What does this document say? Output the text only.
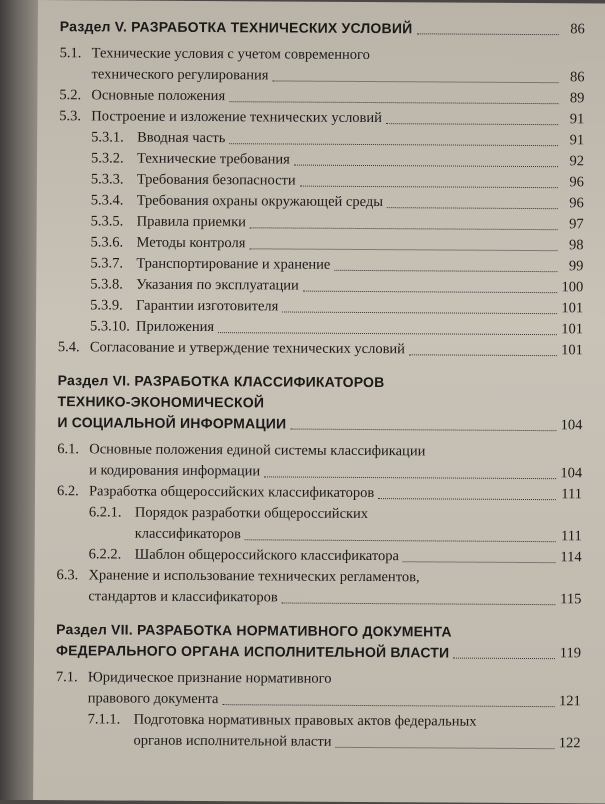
Раздел V. РАЗРАБОТКА ТЕХНИЧЕСКИХ УСЛОВИЙ	86
5.1. Технические условия с учетом современного
технического регулирования	86
5.2. Основные положения	89
5.3. Построение и изложение технических условий	91
5.3.1. Вводная часть	91
5.3.2. Технические требования	92
5.3.3. Требования безопасности	96
5.3.4. Требования охраны окружающей среды	96
5.3.5. Правила приемки	97
5.3.6. Методы контроля	98
5.3.7. Транспортирование и хранение	99
5.3.8. Указания по эксплуатации	100
5.3.9. Гарантии изготовителя	101
5.3.10. Приложения	101
5.4. Согласование и утверждение технических условий	101
Раздел VI. РАЗРАБОТКА КЛАССИФИКАТОРОВ
ТЕХНИКО-ЭКОНОМИЧЕСКОЙ
И СОЦИАЛЬНОЙ ИНФОРМАЦИИ	104
6.1. Основные положения единой системы классификации
и кодирования информации	104
6.2. Разработка общероссийских классификаторов	111
6.2.1. Порядок разработки общероссийских
классификаторов	111
6.2.2. Шаблон общероссийского классификатора	114
6.3. Хранение и использование технических регламентов,
стандартов и классификаторов	115
Раздел VII. РАЗРАБОТКА НОРМАТИВНОГО ДОКУМЕНТА
ФЕДЕРАЛЬНОГО ОРГАНА ИСПОЛНИТЕЛЬНОЙ ВЛАСТИ	119
7.1. Юридическое признание нормативного
правового документа	121
7.1.1. Подготовка нормативных правовых актов федеральных
органов исполнительной власти	122
